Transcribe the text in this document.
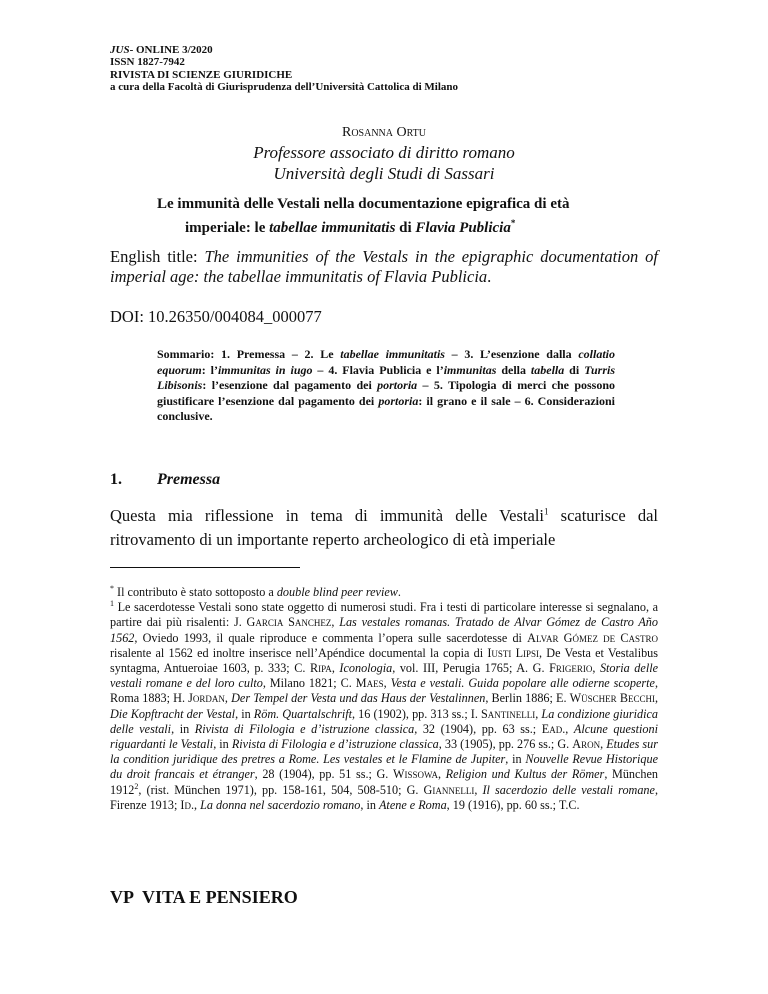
JUS- ONLINE 3/2020
ISSN 1827-7942
RIVISTA DI SCIENZE GIURIDICHE
a cura della Facoltà di Giurisprudenza dell’Università Cattolica di Milano
Rosanna Ortu
Professore associato di diritto romano
Università degli Studi di Sassari
Le immunità delle Vestali nella documentazione epigrafica di età
imperiale: le tabellae immunitatis di Flavia Publicia*
English title: The immunities of the Vestals in the epigraphic documentation of imperial age: the tabellae immunitatis of Flavia Publicia.
DOI: 10.26350/004084_000077
Sommario: 1. Premessa – 2. Le tabellae immunitatis – 3. L’esenzione dalla collatio equorum: l’immunitas in iugo – 4. Flavia Publicia e l’immunitas della tabella di Turris Libisonis: l’esenzione dal pagamento dei portoria – 5. Tipologia di merci che possono giustificare l’esenzione dal pagamento dei portoria: il grano e il sale – 6. Considerazioni conclusive.
1. Premessa
Questa mia riflessione in tema di immunità delle Vestali$^1$ scaturisce dal ritrovamento di un importante reperto archeologico di età imperiale

* Il contributo è stato sottoposto a double blind peer review.

$^1$ Le sacerdotesse Vestali sono state oggetto di numerosi studi. Fra i testi di particolare interesse si segnalano, a partire dai più risalenti: J. Garcia Sanchez, Las vestales romanas. Tratado de Alvar Gómez de Castro Año 1562, Oviedo 1993, il quale riproduce e commenta l’opera sulle sacerdotesse di Alvar Gómez de Castro risalente al 1562 ed inoltre inserisce nell’Apéndice documental la copia di Iusti Lipsi, De Vesta et Vestalibus syntagma, Antueroiae 1603, p. 333; C. Ripa, Iconologia, vol. III, Perugia 1765; A. G. Frigerio, Storia delle vestali romane e del loro culto, Milano 1821; C. Maes, Vesta e vestali. Guida popolare alle odierne scoperte, Roma 1883; H. Jordan, Der Tempel der Vesta und das Haus der Vestalinnen, Berlin 1886; E. Wüscher Becchi, Die Kopftracht der Vestal, in Röm. Quartalschrift, 16 (1902), pp. 313 ss.; I. Santinelli, La condizione giuridica delle vestali, in Rivista di Filologia e d’istruzione classica, 32 (1904), pp. 63 ss.; Ead., Alcune questioni riguardanti le Vestali, in Rivista di Filologia e d’istruzione classica, 33 (1905), pp. 276 ss.; G. Aron, Etudes sur la condition juridique des pretres a Rome. Les vestales et le Flamine de Jupiter, in Nouvelle Revue Historique du droit francais et étranger, 28 (1904), pp. 51 ss.; G. Wissowa, Religion und Kultus der Römer, München 1912$^2$, (rist. München 1971), pp. 158-161, 504, 508-510; G. Giannelli, Il sacerdozio delle vestali romane, Firenze 1913; Id., La donna nel sacerdozio romano, in Atene e Roma, 19 (1916), pp. 60 ss.; T.C.

VP VITA E PENSIERO
